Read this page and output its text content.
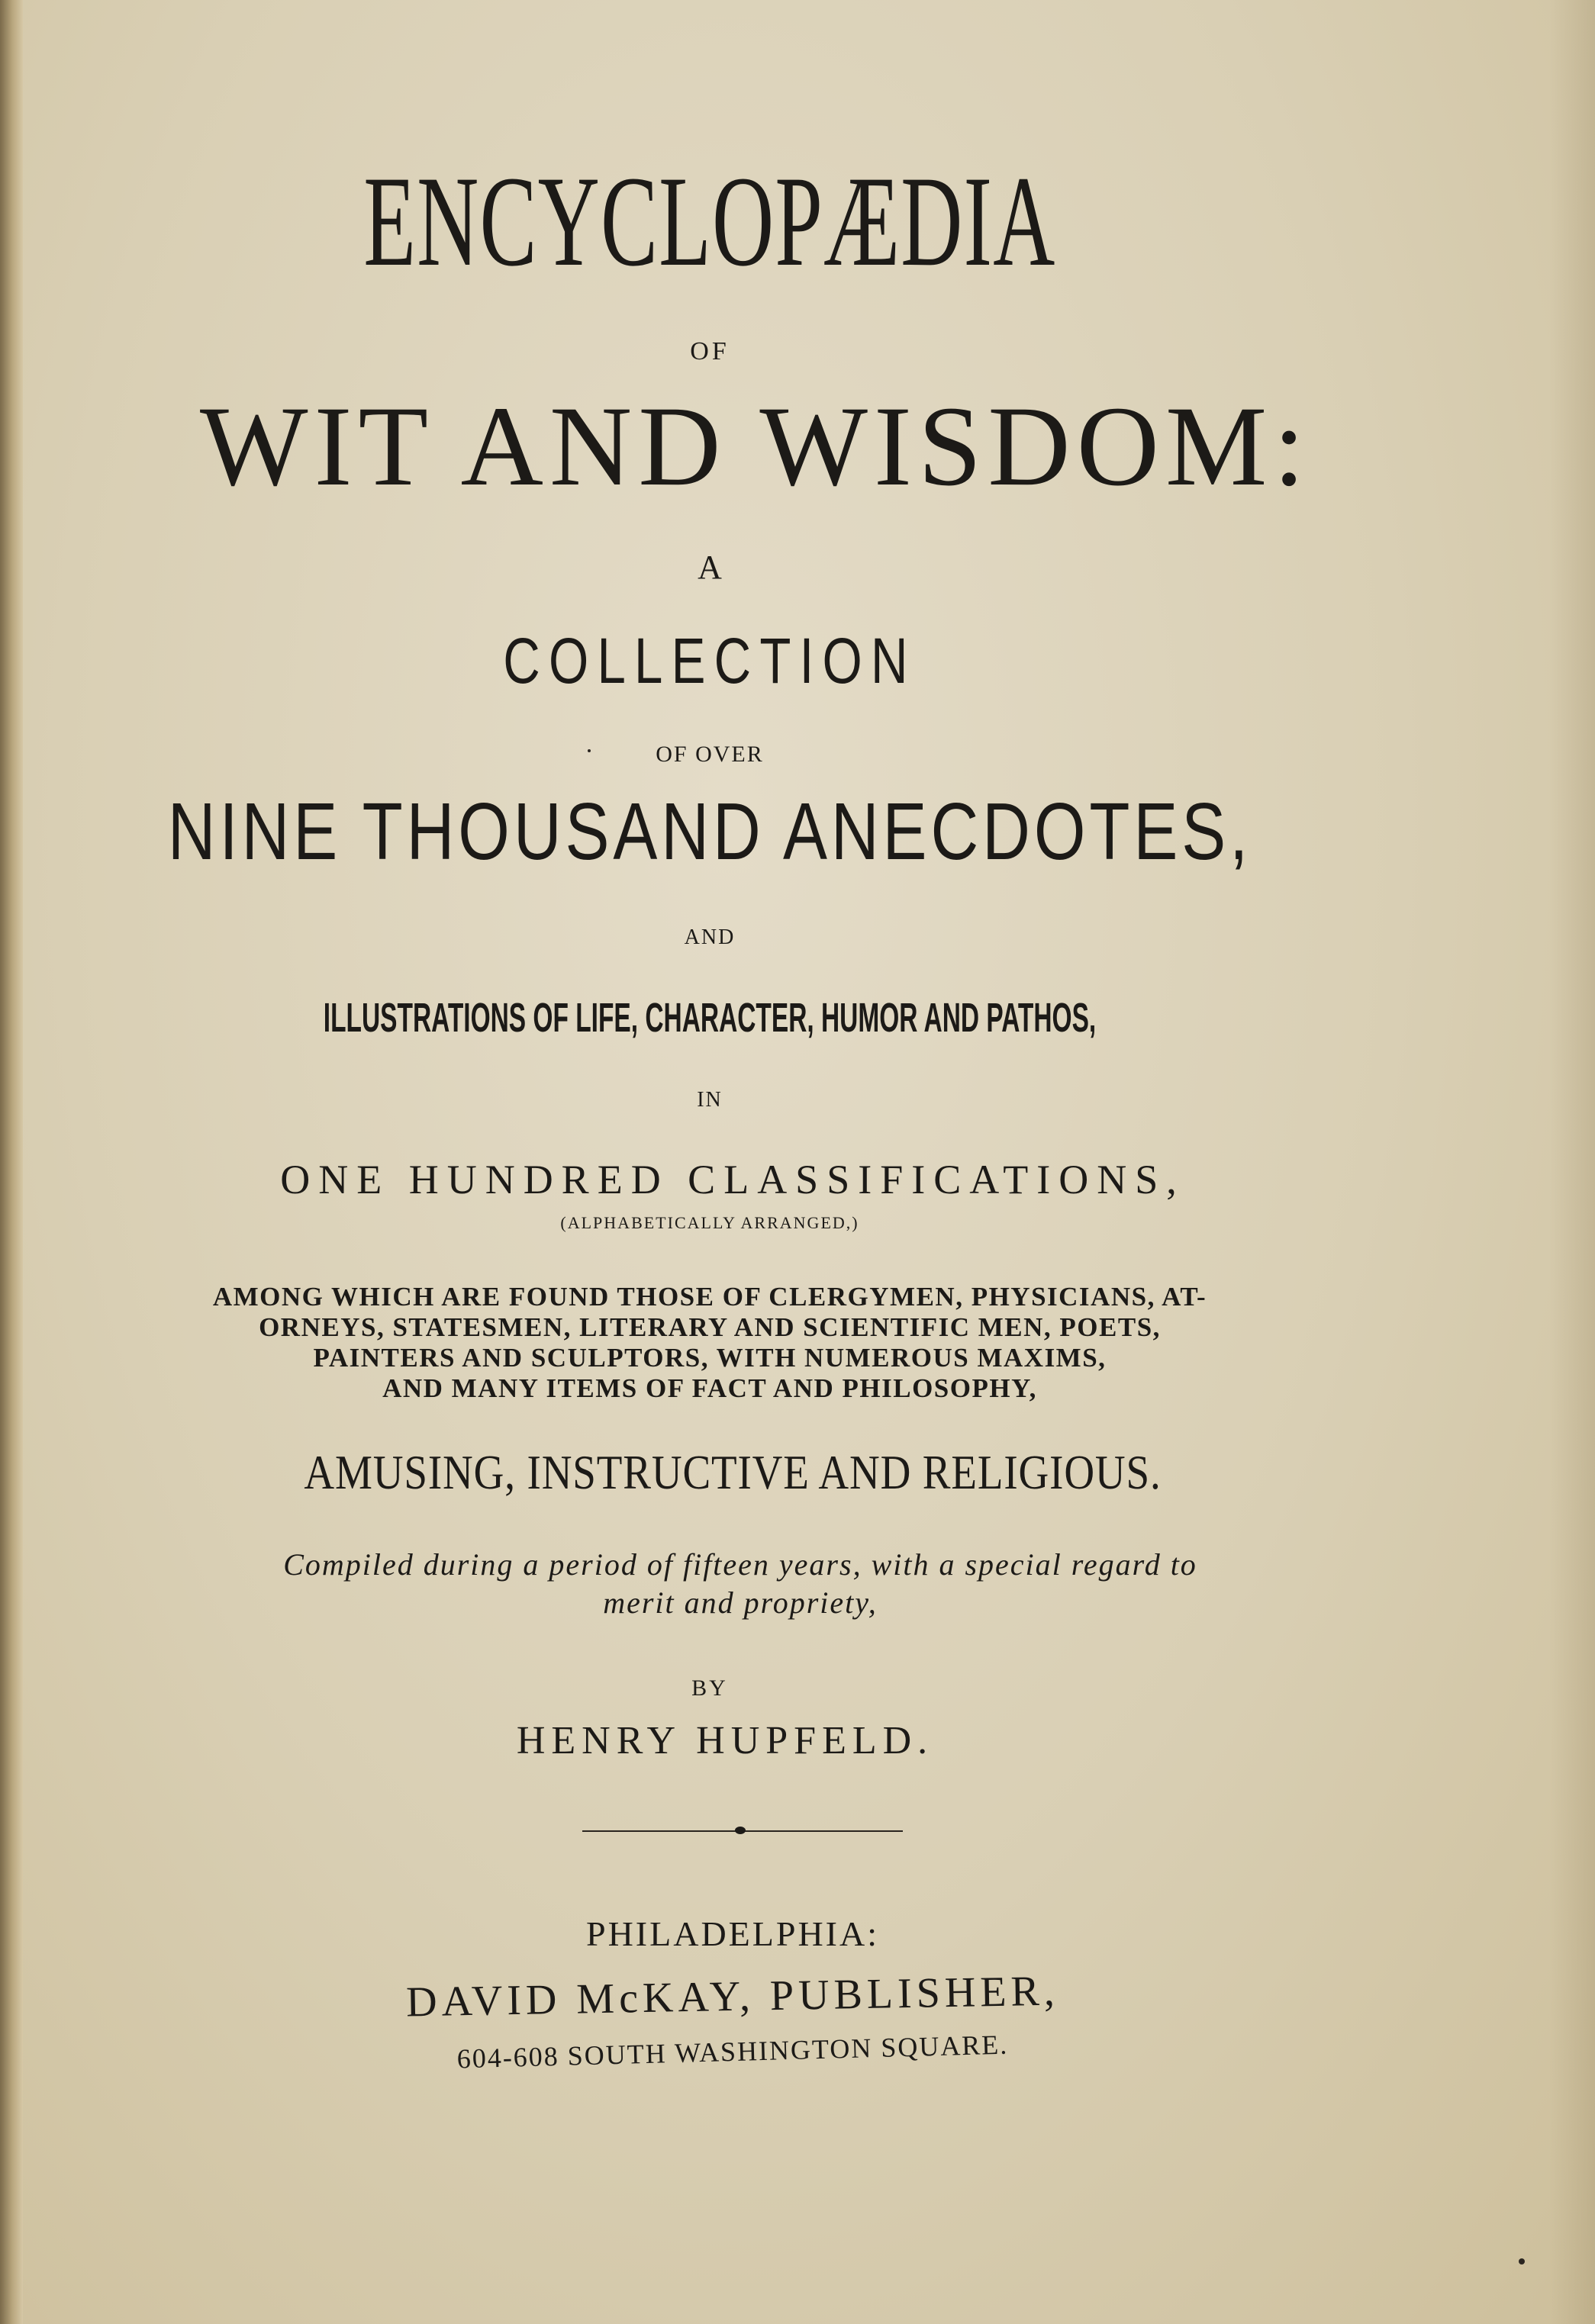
ENCYCLOPÆDIA
OF
WIT AND WISDOM:
A
COLLECTION
OF OVER
NINE THOUSAND ANECDOTES,
AND
ILLUSTRATIONS OF LIFE, CHARACTER, HUMOR AND PATHOS,
IN
ONE HUNDRED CLASSIFICATIONS,
(ALPHABETICALLY ARRANGED,)
AMONG WHICH ARE FOUND THOSE OF CLERGYMEN, PHYSICIANS, AT-
ORNEYS, STATESMEN, LITERARY AND SCIENTIFIC MEN, POETS,
PAINTERS AND SCULPTORS, WITH NUMEROUS MAXIMS,
AND MANY ITEMS OF FACT AND PHILOSOPHY,
AMUSING, INSTRUCTIVE AND RELIGIOUS.
Compiled during a period of fifteen years, with a special regard to
merit and propriety,
BY
HENRY HUPFELD.
PHILADELPHIA:
DAVID McKAY, PUBLISHER,
604-608 SOUTH WASHINGTON SQUARE.
